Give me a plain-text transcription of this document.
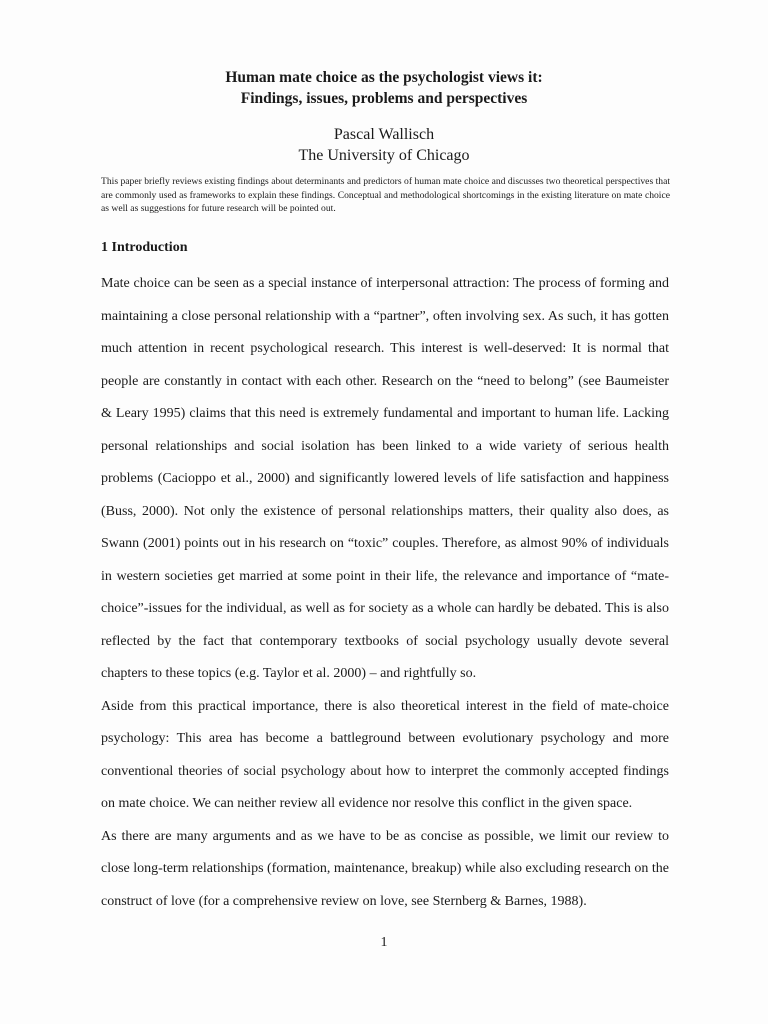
Human mate choice as the psychologist views it:
Findings, issues, problems and perspectives
Pascal Wallisch
The University of Chicago
This paper briefly reviews existing findings about determinants and predictors of human mate choice and discusses two theoretical perspectives that are commonly used as frameworks to explain these findings. Conceptual and methodological shortcomings in the existing literature on mate choice as well as suggestions for future research will be pointed out.
1 Introduction

Mate choice can be seen as a special instance of interpersonal attraction: The process of forming and maintaining a close personal relationship with a “partner”, often involving sex. As such, it has gotten much attention in recent psychological research. This interest is well-deserved: It is normal that people are constantly in contact with each other. Research on the “need to belong” (see Baumeister & Leary 1995) claims that this need is extremely fundamental and important to human life. Lacking personal relationships and social isolation has been linked to a wide variety of serious health problems (Cacioppo et al., 2000) and significantly lowered levels of life satisfaction and happiness (Buss, 2000). Not only the existence of personal relationships matters, their quality also does, as Swann (2001) points out in his research on “toxic” couples. Therefore, as almost 90% of individuals in western societies get married at some point in their life, the relevance and importance of “mate-choice”-issues for the individual, as well as for society as a whole can hardly be debated. This is also reflected by the fact that contemporary textbooks of social psychology usually devote several chapters to these topics (e.g. Taylor et al. 2000) – and rightfully so.

Aside from this practical importance, there is also theoretical interest in the field of mate-choice psychology: This area has become a battleground between evolutionary psychology and more conventional theories of social psychology about how to interpret the commonly accepted findings on mate choice. We can neither review all evidence nor resolve this conflict in the given space.

As there are many arguments and as we have to be as concise as possible, we limit our review to close long-term relationships (formation, maintenance, breakup) while also excluding research on the construct of love (for a comprehensive review on love, see Sternberg & Barnes, 1988).

1
